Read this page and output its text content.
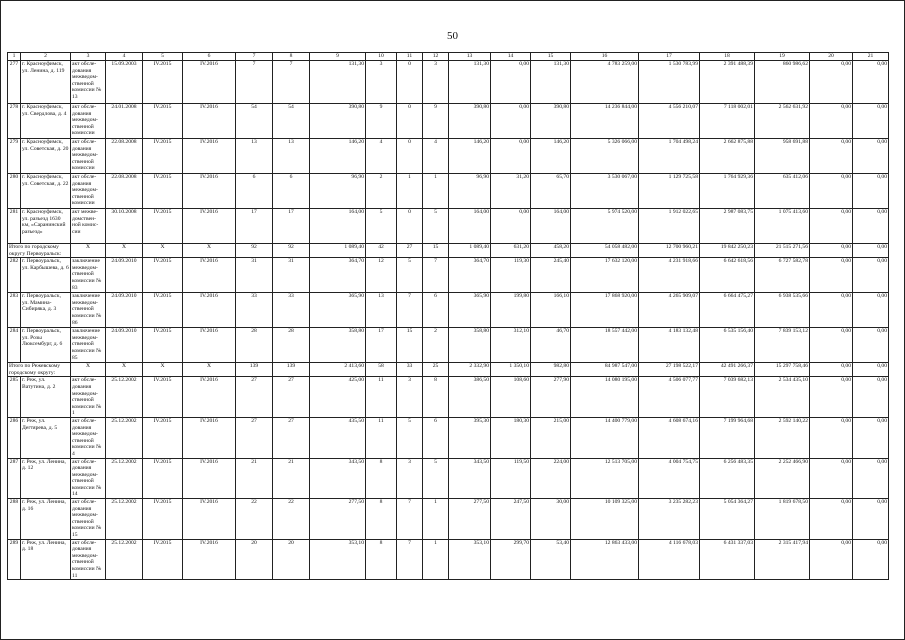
50
1	2	3	4	5	6	7	8	9	10	11	12	13	14	15	16	17	18	19	20	21
277	г. Красноуфимск, ул. Ленина, д. 119	акт обсле-дования межведом-ственной комиссии № 13	15.09.2003	IV.2015	IV.2016	7	7	131,30	3	0	3	131,30	0,00	131,30	4 783 259,00	1 530 783,99	2 391 488,39	860 986,62	0,00	0,00
278	г. Красноуфимск, ул. Свердлова, д. 4	акт обсле-дования межведом-ственной комиссии	24.01.2008	IV.2015	IV.2016	54	54	390,80	9	0	9	390,80	0,00	390,80	14 236 844,00	4 556 210,07	7 118 002,01	2 562 631,92	0,00	0,00
279	г. Красноуфимск, ул. Советская, д. 20	акт обсле-дования межведом-ственной комиссии	22.08.2008	IV.2015	IV.2016	13	13	146,20	4	0	4	146,20	0,00	146,20	5 326 066,00	1 704 498,24	2 662 875,88	958 691,88	0,00	0,00
280	г. Красноуфимск, ул. Советская, д. 22	акт обсле-дования межведом-ственной комиссии	22.08.2008	IV.2015	IV.2016	6	6	96,90	2	1	1	96,90	31,20	65,70	3 530 067,00	1 129 725,58	1 764 929,36	635 412,06	0,00	0,00
281	г. Красноуфимск, ул. разъезд 1630 км, «Саранинский разъезд»	акт межве-домствен-ной комис-сии	30.10.2008	IV.2015	IV.2016	17	17	164,00	5	0	5	164,00	0,00	164,00	5 974 520,00	1 912 022,65	2 987 083,75	1 075 413,60	0,00	0,00
Итого по городскому округу Первоуральск:		X	X	X	X	92	92	1 089,40	42	27	15	1 089,40	631,20	458,20	54 058 482,00	12 700 960,21	19 842 250,23	21 515 271,56	0,00	0,00
282	г. Первоуральск, ул. Карбышева, д. 6	заключение межведом-ственной комиссии № 83	24.09.2010	IV.2015	IV.2016	31	31	364,70	12	5	7	364,70	119,30	245,40	17 632 120,00	4 231 918,66	6 642 618,56	6 727 582,78	0,00	0,00
283	г. Первоуральск, ул. Мамина-Сибиряка, д. 3	заключение межведом-ственной комиссии № 86	24.09.2010	IV.2015	IV.2016	33	33	365,90	13	7	6	365,90	199,80	166,10	17 868 920,00	4 265 909,07	6 664 475,27	6 938 535,66	0,00	0,00
284	г. Первоуральск, ул. Розы Люксембург, д. 6	заключение межведом-ственной комиссии № 85	24.09.2010	IV.2015	IV.2016	28	28	358,80	17	15	2	358,80	312,10	46,70	18 557 442,00	4 183 132,48	6 535 156,40	7 839 153,12	0,00	0,00
Итого по Режевскому городскому округу:		X	X	X	X	139	139	2 413,60	58	33	25	2 332,90	1 350,10	982,80	84 987 547,00	27 198 522,17	42 491 266,37	15 297 758,46	0,00	0,00
285	г. Реж, ул. Ватутина, д. 2	акт обсле-дования межведом-ственной комиссии № 1	25.12.2002	IV.2015	IV.2016	27	27	425,00	11	3	8	386,50	108,60	277,90	14 080 195,00	4 506 077,77	7 039 682,13	2 534 435,10	0,00	0,00
286	г. Реж, ул. Дегтярева, д. 5	акт обсле-дования межведом-ственной комиссии № 4	25.12.2002	IV.2015	IV.2016	27	27	435,50	11	5	6	395,30	180,30	215,00	14 400 779,00	4 608 674,16	7 199 964,68	2 592 140,22	0,00	0,00
287	г. Реж, ул. Ленина, д. 12	акт обсле-дования межведом-ственной комиссии № 14	25.12.2002	IV.2015	IV.2016	21	21	343,50	8	3	5	343,50	119,50	224,00	12 513 705,00	4 004 754,75	6 256 483,35	2 252 466,90	0,00	0,00
288	г. Реж, ул. Ленина, д. 16	акт обсле-дования межведом-ственной комиссии № 15	25.12.2002	IV.2015	IV.2016	22	22	277,50	8	7	1	277,50	247,50	30,00	10 109 325,00	3 235 282,23	5 054 364,27	1 819 678,50	0,00	0,00
289	г. Реж, ул. Ленина, д. 18	акт обсле-дования межведом-ственной комиссии № 11	25.12.2002	IV.2015	IV.2016	20	20	353,10	8	7	1	353,10	299,70	53,40	12 863 433,00	4 116 678,03	6 431 337,03	2 315 417,94	0,00	0,00
